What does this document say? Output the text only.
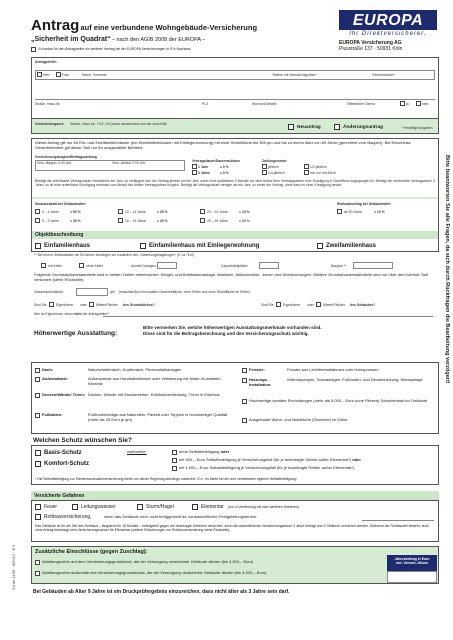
Antrag auf eine verbundene Wohngebäude-Versicherung
„Sicherheit im Quadrat“ – nach den AGIB 2008 der EUROPA –
Es bedarf für den Antragsteller ein weiterer Vertrag bei der EUROPA Versicherungen in 5 % Nachlass
EUROPA
Ihr Direktversicherer.
EUROPA Versicherung AG
Piusstraße 137 · 50931 Köln
Antragsteller:
Herr	Frau	Name, Vorname	Telefon mit Vorwahl tagsüber*	Geburtsdatum*
Straße, Haus-Nr.	PLZ	Wohnort/Ortsteil	Öffentlicher Dienst	ja	nein
Versicherungsort: Straße, Haus-Nr., PLZ, Ort (wenn abweichend von der Anschrift)
Neuantrag	Änderungsantrag	* freiwillige Angaben
Dieser Antrag gilt nur für Ein- und Zweifamilienhäuser (bei Einfamilienhäusern mit Einliegerwohnung) mit einer Wohnfläche bis 300 qm und bis zu einem Alter von 69 Jahre (gerechnet vom Baujahr). Bei Einschluss Gewerbebetrieb gilt dieser Tarif nur für ausgewählte Betriebe.
Versicherungsbeginn/Beitragszahlung
Vers.-Beginn: 0.00 Uhr	Vers.-Ablauf: 0.00 Uhr	Vertragsdauer/Dauernachlass
1 Jahr	= 0 %
3 Jahre	= 5 %
Zahlungsweise:
jährlich	1/2-jährlich
1/4-jährlich	mtl. nur mit Abruf
Beträgt die vereinbarte Vertragsdauer mindestens ein Jahr, so verlängert sich der Vertrag jeweils um ein Jahr, wenn nicht spätestens 3 Monate vor dem Ablauf dem Vertragspartner eine Kündigung in Schriftform zugegangen ist. Beträgt die vereinbarte Vertragsdauer 3 Jahre, so ist eine ordentliche Kündigung erstmals zum Ablauf des dritten Vertragsjahres möglich. Beträgt die Vertragsdauer weniger als ein Jahr, so endet der Vertrag, ohne dass es einer Kündigung bedarf.
Neubaurabatt bei Gebäudealter:	Risikoabschlag bei Gebäudealter:
0 – 4 Jahre	= 50 %	10 – 14 Jahre	= 25 %	20 – 24 Jahre	= 10 %	ab 50 Jahre	= 10 %
5 – 9 Jahre	= 30 %	15 – 19 Jahre	= 20 %	25 – 29 Jahre	= 10 %
Objektbeschreibung
Einfamilienhaus	Einfamilienhaus mit Einliegerwohnung	Zweifamilienhaus
** Bei einem Gebäudealter ab 30 Jahren benötigen wir zusätzlich den „Sanierungsfragebogen“ (S 1a 7110)
mit Keller	ohne Keller	Anzahl Garagen:	Carportstellplätze:	Baujahr:**
Folgende Grundstücksbestandteile sind in beiden Tarifen mitversichert: Klingel- und Briefkastenanlage, Markisen, Müllcontainer, -boxen und Überdachungen. Weitere Grundstücksbestandteile sind nur über den Komfort-Tarif versichert (siehe Rückseite).
Gesamtwohnfläche:	qm (einschließlich eventueller Gewerbefläche; ohne Keller und ohne Wohnfläche im Keller)
Sind Sie	Eigentümer oder	Mieter/Pächter des Grundstückes?	Sind Sie	Eigentümer oder	Mieter/Pächter des Gebäudes?
Wer ist Eigentümer, wenn nicht der Antragsteller?
Höherwertige Ausstattung:
Bitte vermerken Sie, welche höherwertigen Ausstattungsmerkmale vorhanden sind.
Diese sind für die Beitragsberechnung und den Versicherungsschutz wichtig.
Dach:	Naturschieferdach, Kupferdach, Photovoltaikanlagen
Außenwände:	Außenwände aus Handstrichklinker oder Verkleidung mit Natur-/Kunststein, Keramik
Decken/Wände/ Türen: Decken, Wände mit Stuckarbeiten, Edelholzverkleidung, Türen in Edelholz
Fußböden:	Fußbodenbeläge aus Naturstein, Parkett oder Teppich in hochwertiger Qualität (mehr als 25 Euro je qm)
Fenster:	Fenster aus Leichtmetallrahmen oder Holzsprossen
Heizungs-installation:
Wärmepumpen, Solaranlagen, Fußboden- und Deckenheizung, Klimaanlage
Hochwertige sanitäre Einrichtungen (mehr als 5.000,– Euro ohne Fliesen) Schwimmbad im Gebäude
Ausgebaute Wohn- und Nutzfläche (Gewerbe) im Keller
Welchen Schutz wünschen Sie?
Basis-Schutz
Komfort-Schutz
wahlweise:	ohne Selbstbeteiligung oder
mit 500,– Euro Selbstbeteiligung je Versicherungsfall (für je beantragte Gefahr außer Elementar*) oder
mit 1.000,– Euro Selbstbeteiligung je Versicherungsfall (für je beantragte Gefahr außer Elementar*)
* Die Selbstbeteiligung zur Elementarschadenversicherung bleibt von dieser Regelung allerdings unberührt. D.h., es bleibt bei der dort vereinbarten eigenen Selbstbeteiligung!
Versicherte Gefahren
Feuer	Leitungswasser	Sturm/Hagel	Elementar (nur in Verbindung mit zwei weiteren Gefahren)
Rohbauversicherung,	wenn das Gebäude noch nicht fertiggestellt ist; voraussichtlicher Fertigstellungstermin:
Das Gebäude ist für die Zeit des Rohbaus – längstens für 18 Monate – beitragsfrei gegen die beantragte Gefahren versichert, wenn die anschließende Versicherungsdauer 3 Jahre beträgt und 3 Gefahren versichert werden. Während der Rohbauzeit besteht, auch ohne Antrag beantragt, kein Versicherungsschutz für Elementar (weitere Erläuterungen zur Rohbauversicherung siehe Rückseite).
Zusätzliche Einschlüsse (gegen Zuschlag):
Ableitungsrohre auf dem Versicherungsgrundstück, die der Versorgung versicherter Gebäude dienen (bis 3.000,– Euro)
Ableitungsrohre außerhalb des Versicherungsgrundstücks, die der Versorgung versicherter Gebäude dienen (bis 3.000,– Euro)
Jahresbeitrag in Euro
incl. Versich.-Steuer
Bei Gebäuden ab Alter 9 Jahre ist ein Druckprüfergebnis einzureichen, dass nicht älter als 3 Jahre sein darf.
Bitte beantworten Sie alle Fragen, da sich durch Rückfragen die Bearbeitung verzögert!
S4 de 1136 · 8/2012 · E 5
